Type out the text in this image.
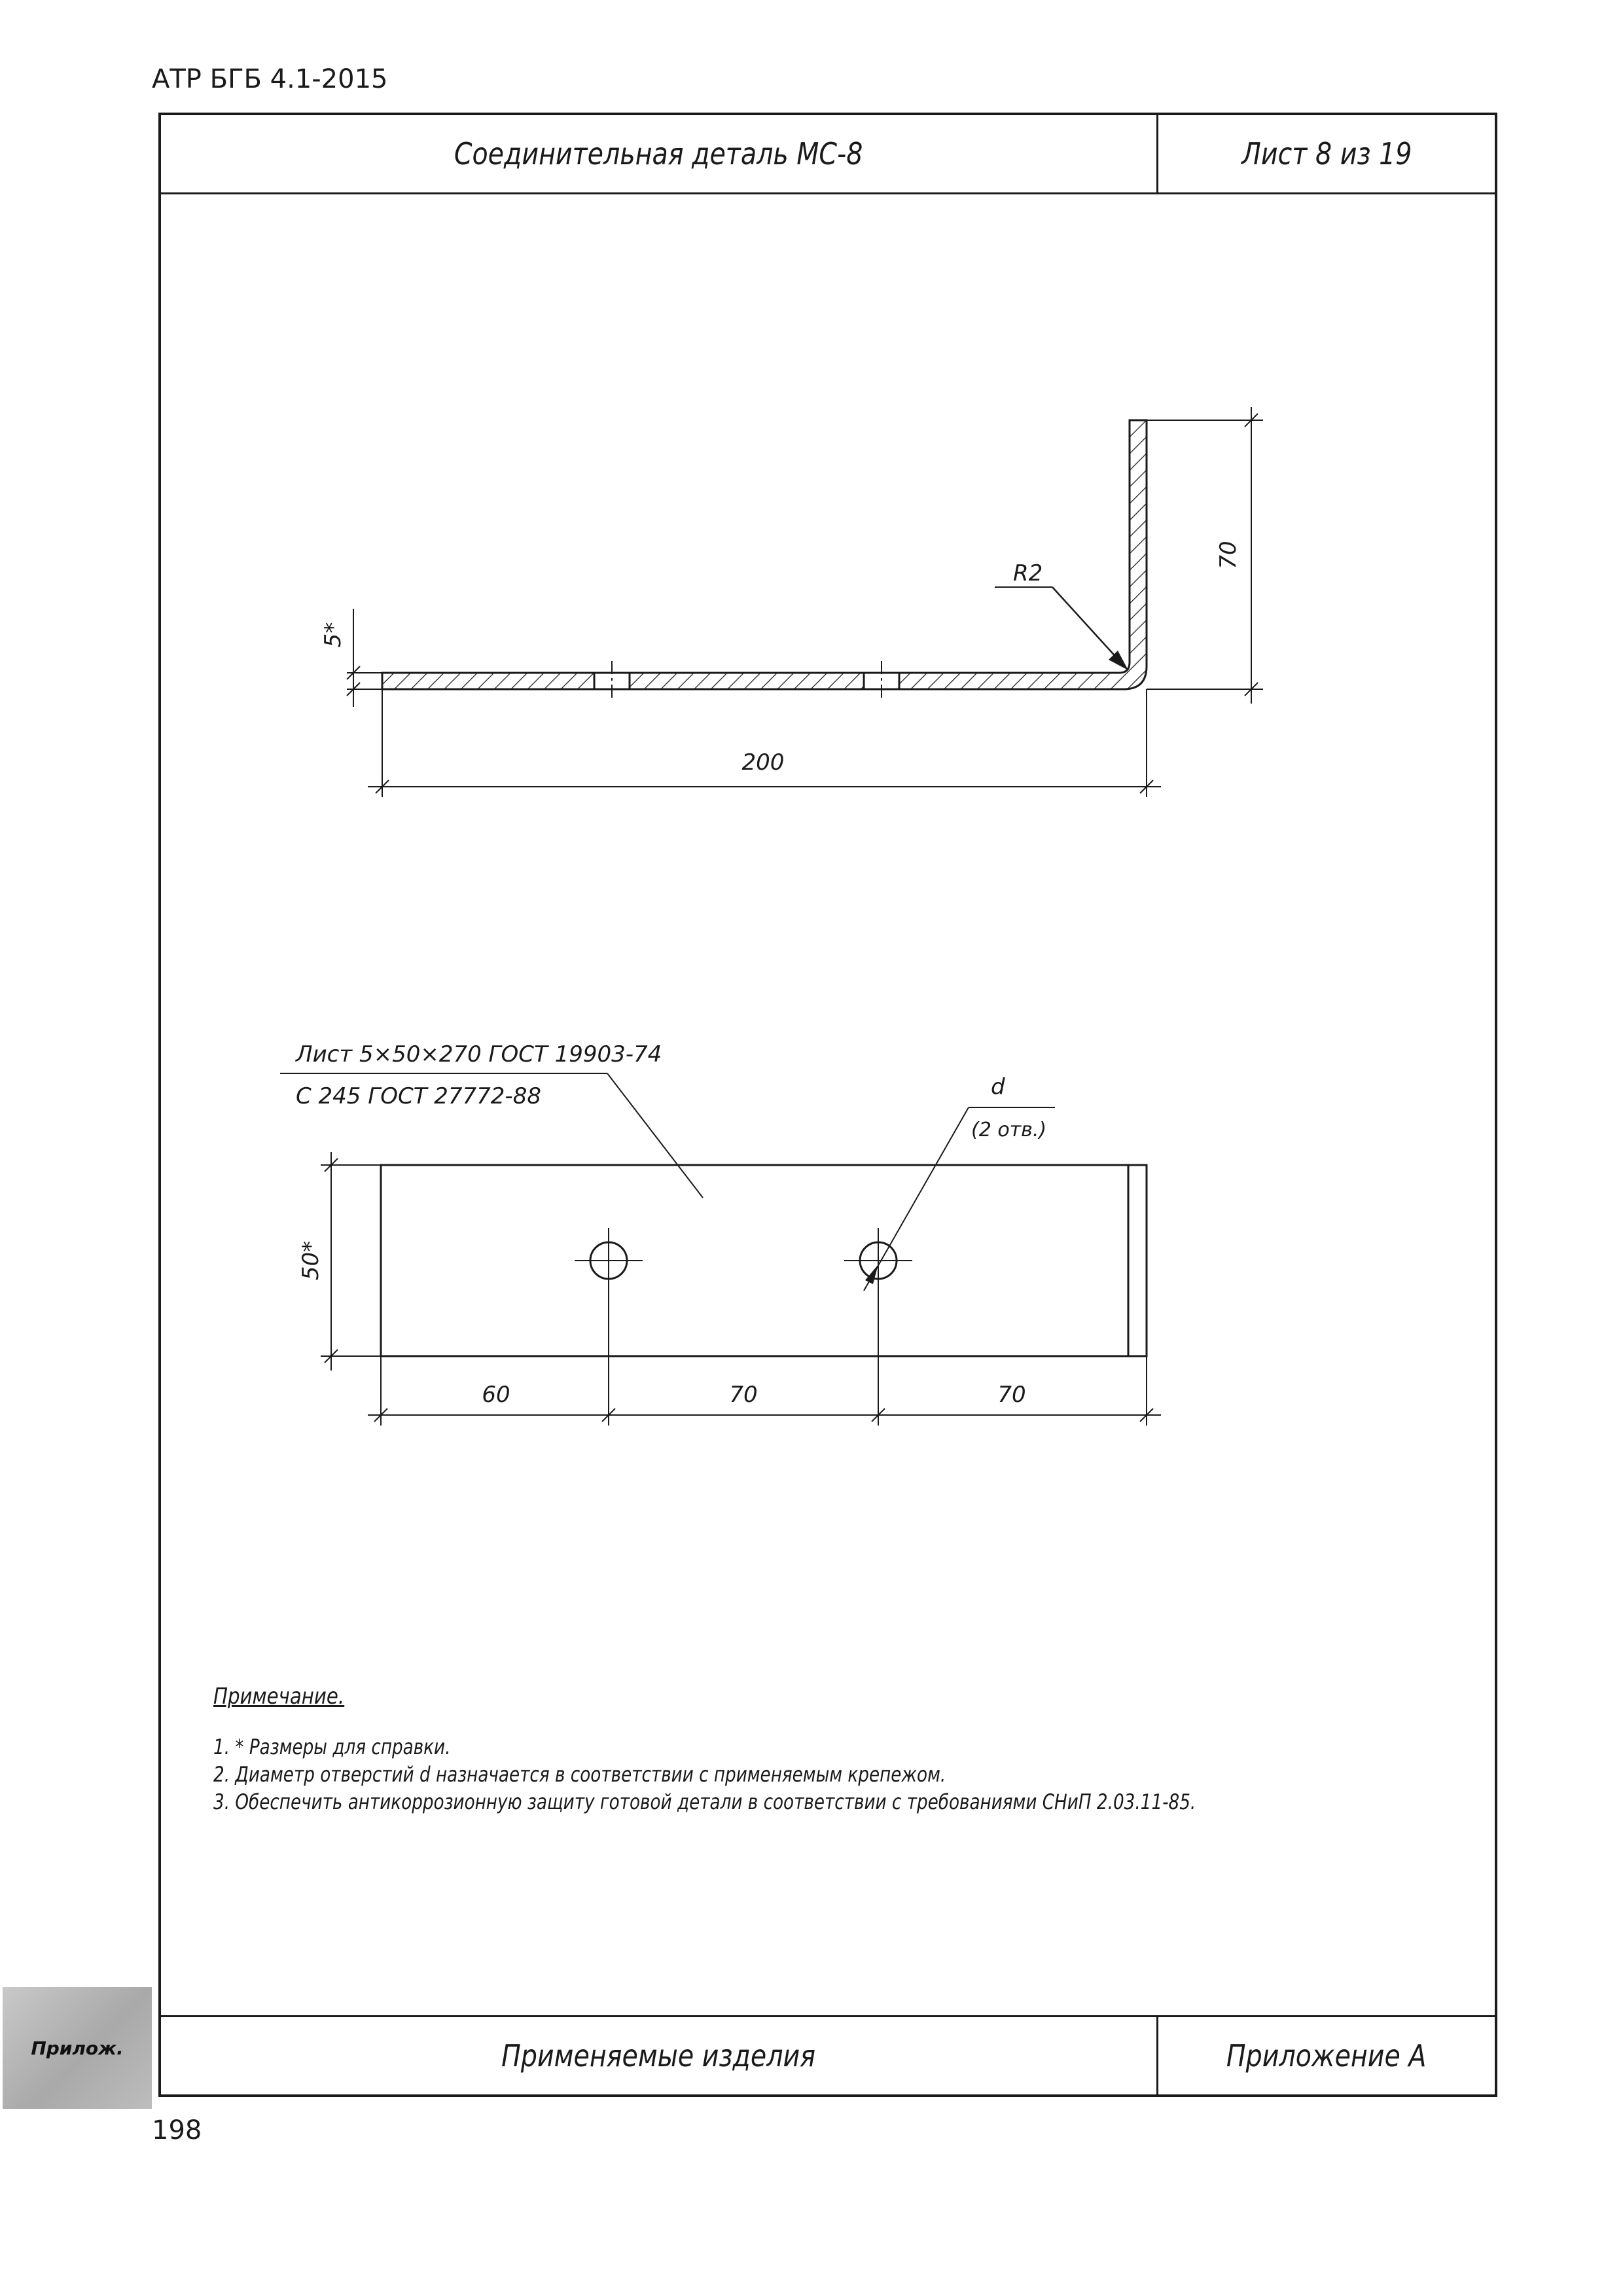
АТР БГБ 4.1-2015
Соединительная деталь МС-8	Лист 8 из 19
Применяемые изделия	Приложение А
5*
200
70
R2
Лист 5×50×270 ГОСТ 19903-74
С 245 ГОСТ 27772-88	d
(2 отв.)
50*
60	70	70
Примечание.
1. * Размеры для справки.
2. Диаметр отверстий d назначается в соответствии с применяемым крепежом.
3. Обеспечить антикоррозионную защиту готовой детали в соответствии с требованиями СНиП 2.03.11-85.
Прилож.
198
